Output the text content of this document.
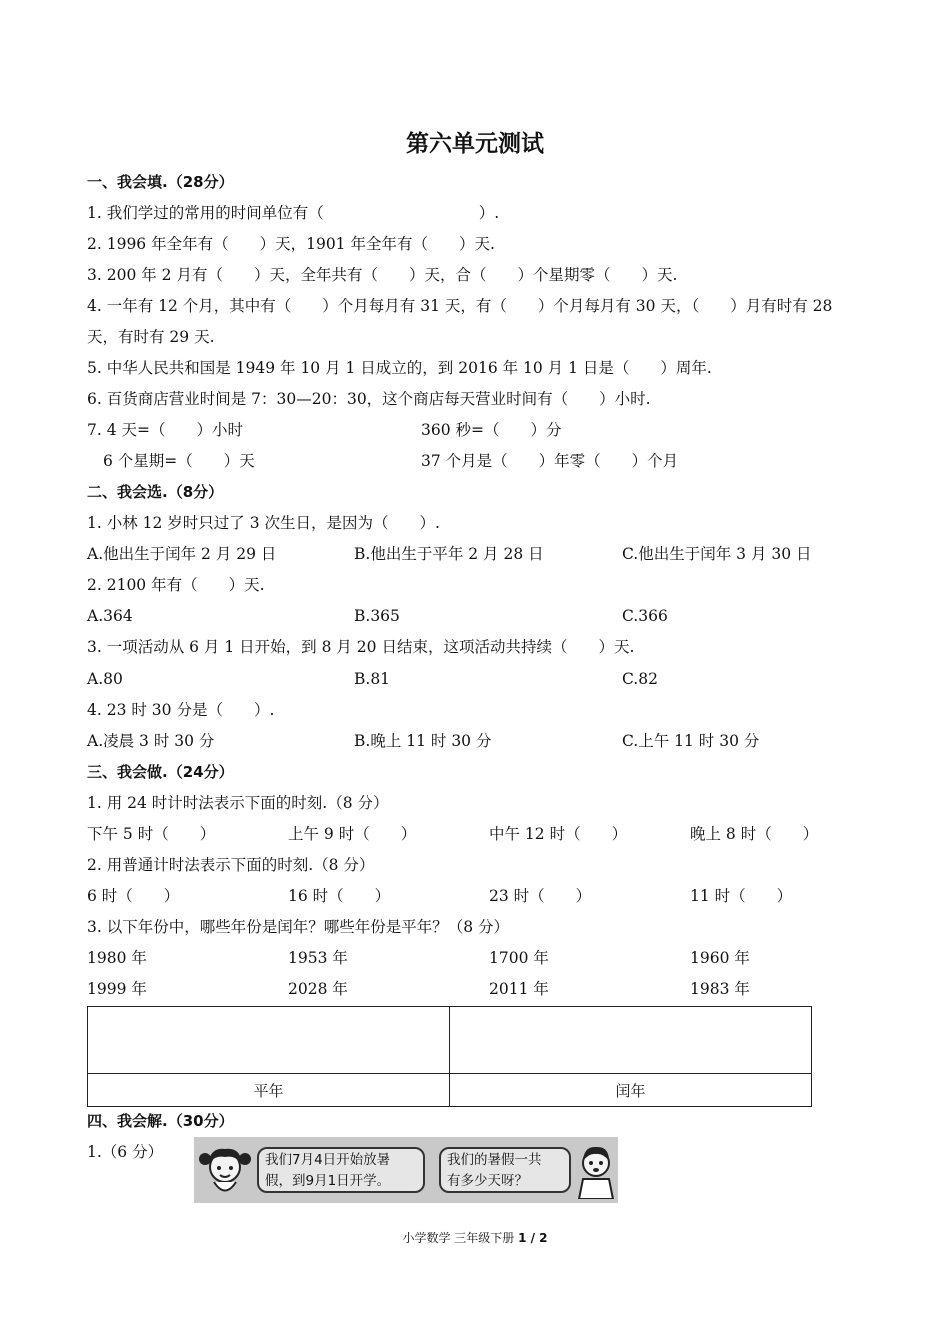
第六单元测试
一、我会填.（28分）
1. 我们学过的常用的时间单位有（　　　　　　　　　　）.
2. 1996 年全年有（　　）天，1901 年全年有（　　）天.
3. 200 年 2 月有（　　）天，全年共有（　　）天，合（　　）个星期零（　　）天.
4. 一年有 12 个月，其中有（　　）个月每月有 31 天，有（　　）个月每月有 30 天，（　　）月有时有 28
天，有时有 29 天.
5. 中华人民共和国是 1949 年 10 月 1 日成立的，到 2016 年 10 月 1 日是（　　）周年.
6. 百货商店营业时间是 7：30—20：30，这个商店每天营业时间有（　　）小时.
7. 4 天=（　　）小时	360 秒=（　　）分
6 个星期=（　　）天	37 个月是（　　）年零（　　）个月
二、我会选.（8分）
1. 小林 12 岁时只过了 3 次生日，是因为（　　）.
A.他出生于闰年 2 月 29 日	B.他出生于平年 2 月 28 日	C.他出生于闰年 3 月 30 日
2. 2100 年有（　　）天.
A.364	B.365	C.366
3. 一项活动从 6 月 1 日开始，到 8 月 20 日结束，这项活动共持续（　　）天.
A.80	B.81	C.82
4. 23 时 30 分是（　　）.
A.凌晨 3 时 30 分	B.晚上 11 时 30 分	C.上午 11 时 30 分
三、我会做.（24分）
1. 用 24 时计时法表示下面的时刻.（8 分）
下午 5 时（　　）	上午 9 时（　　）	中午 12 时（　　）	晚上 8 时（　　）
2. 用普通计时法表示下面的时刻.（8 分）
6 时（　　）	16 时（　　）	23 时（　　）	11 时（　　）
3. 以下年份中，哪些年份是闰年？哪些年份是平年？（8 分）
1980 年	1953 年	1700 年	1960 年
1999 年	2028 年	2011 年	1983 年

平年	闰年
四、我会解.（30分）
1.（6 分）	我们7月4日开始放暑
假，到9月1日开学。
我们的暑假一共
有多少天呀？
小学数学 三年级下册 1 / 2
